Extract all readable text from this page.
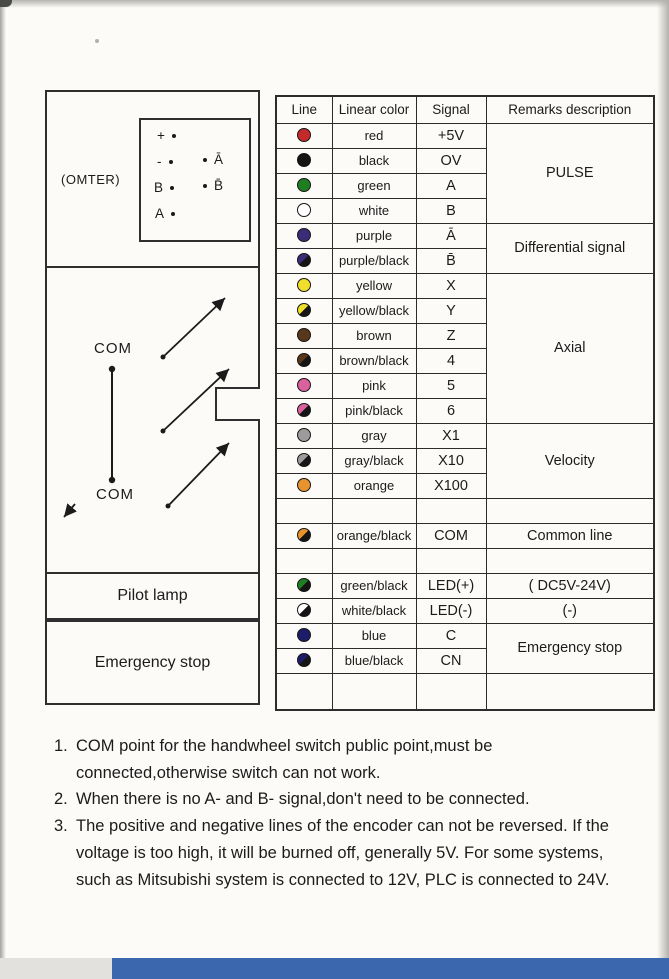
(OMTER)
+
-
B
A
Ā
B̄
COM
COM
Pilot lamp
Emergency stop
Line	Linear color	Signal	Remarks description
	red	+5V	PULSE
	black	OV	
	green	A	
	white	B	
	purple	Ā	Differential signal
	purple/black	B̄	
	yellow	X	Axial
	yellow/black	Y	
	brown	Z	
	brown/black	4	
	pink	5	
	pink/black	6	
	gray	X1	Velocity
	gray/black	X10	
	orange	X100	

	orange/black	COM	Common line

	green/black	LED(+)	( DC5V-24V)
	white/black	LED(-)	(-)
	blue	C	Emergency stop
	blue/black	CN	

1. COM point for the handwheel switch public point,must be connected,otherwise switch can not work.
2. When there is no A- and B- signal,don't need to be connected.
3. The positive and negative lines of the encoder can not be reversed. If the voltage is too high, it will be burned off, generally 5V. For some systems, such as Mitsubishi system is connected to 12V, PLC is connected to 24V.
